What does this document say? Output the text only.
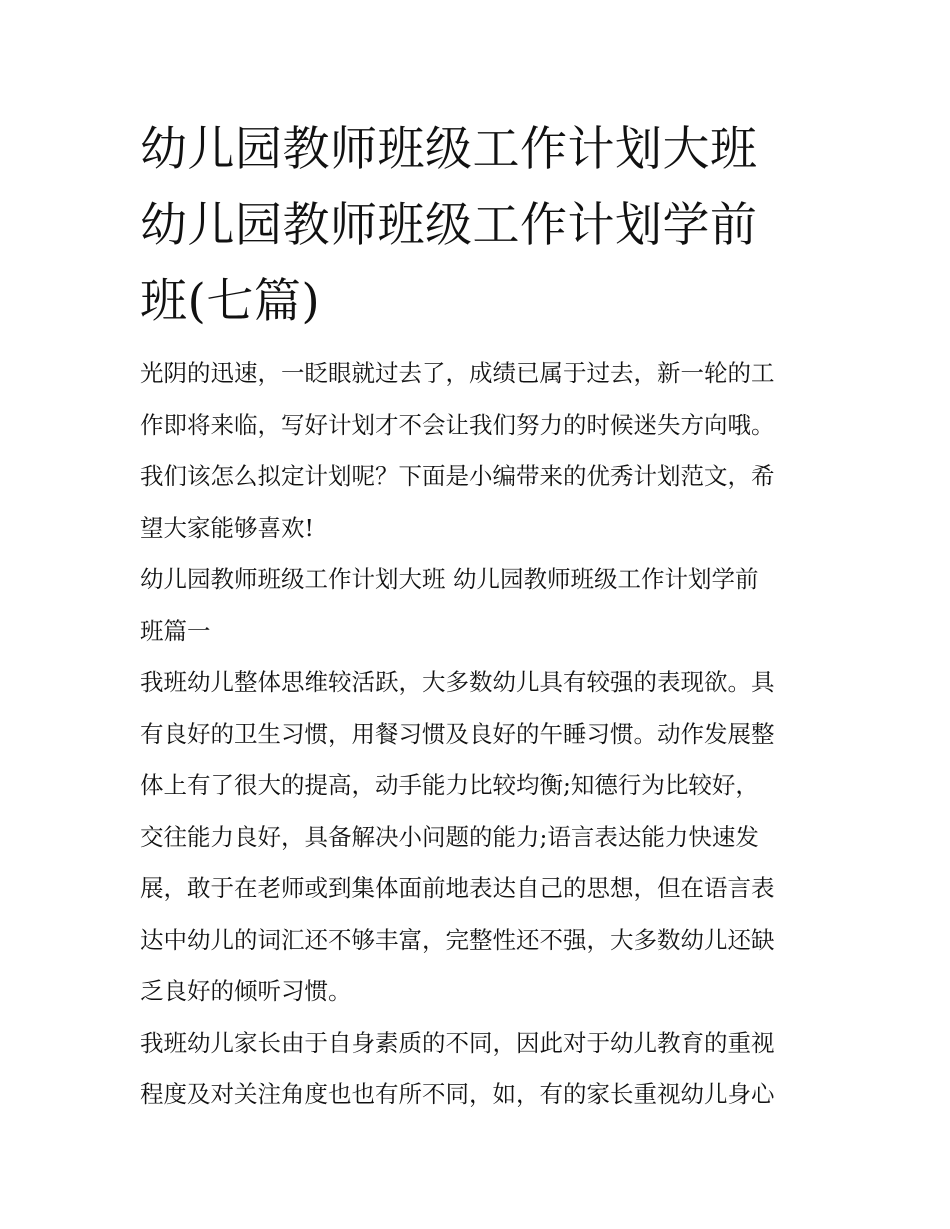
幼儿园教师班级工作计划大班
幼儿园教师班级工作计划学前
班(七篇)
光阴的迅速，一眨眼就过去了，成绩已属于过去，新一轮的工
作即将来临，写好计划才不会让我们努力的时候迷失方向哦。
我们该怎么拟定计划呢？下面是小编带来的优秀计划范文，希
望大家能够喜欢!
幼儿园教师班级工作计划大班 幼儿园教师班级工作计划学前
班篇一
我班幼儿整体思维较活跃，大多数幼儿具有较强的表现欲。具
有良好的卫生习惯，用餐习惯及良好的午睡习惯。动作发展整
体上有了很大的提高，动手能力比较均衡;知德行为比较好，
交往能力良好，具备解决小问题的能力;语言表达能力快速发
展，敢于在老师或到集体面前地表达自己的思想，但在语言表
达中幼儿的词汇还不够丰富，完整性还不强，大多数幼儿还缺
乏良好的倾听习惯。
我班幼儿家长由于自身素质的不同，因此对于幼儿教育的重视
程度及对关注角度也也有所不同，如，有的家长重视幼儿身心
